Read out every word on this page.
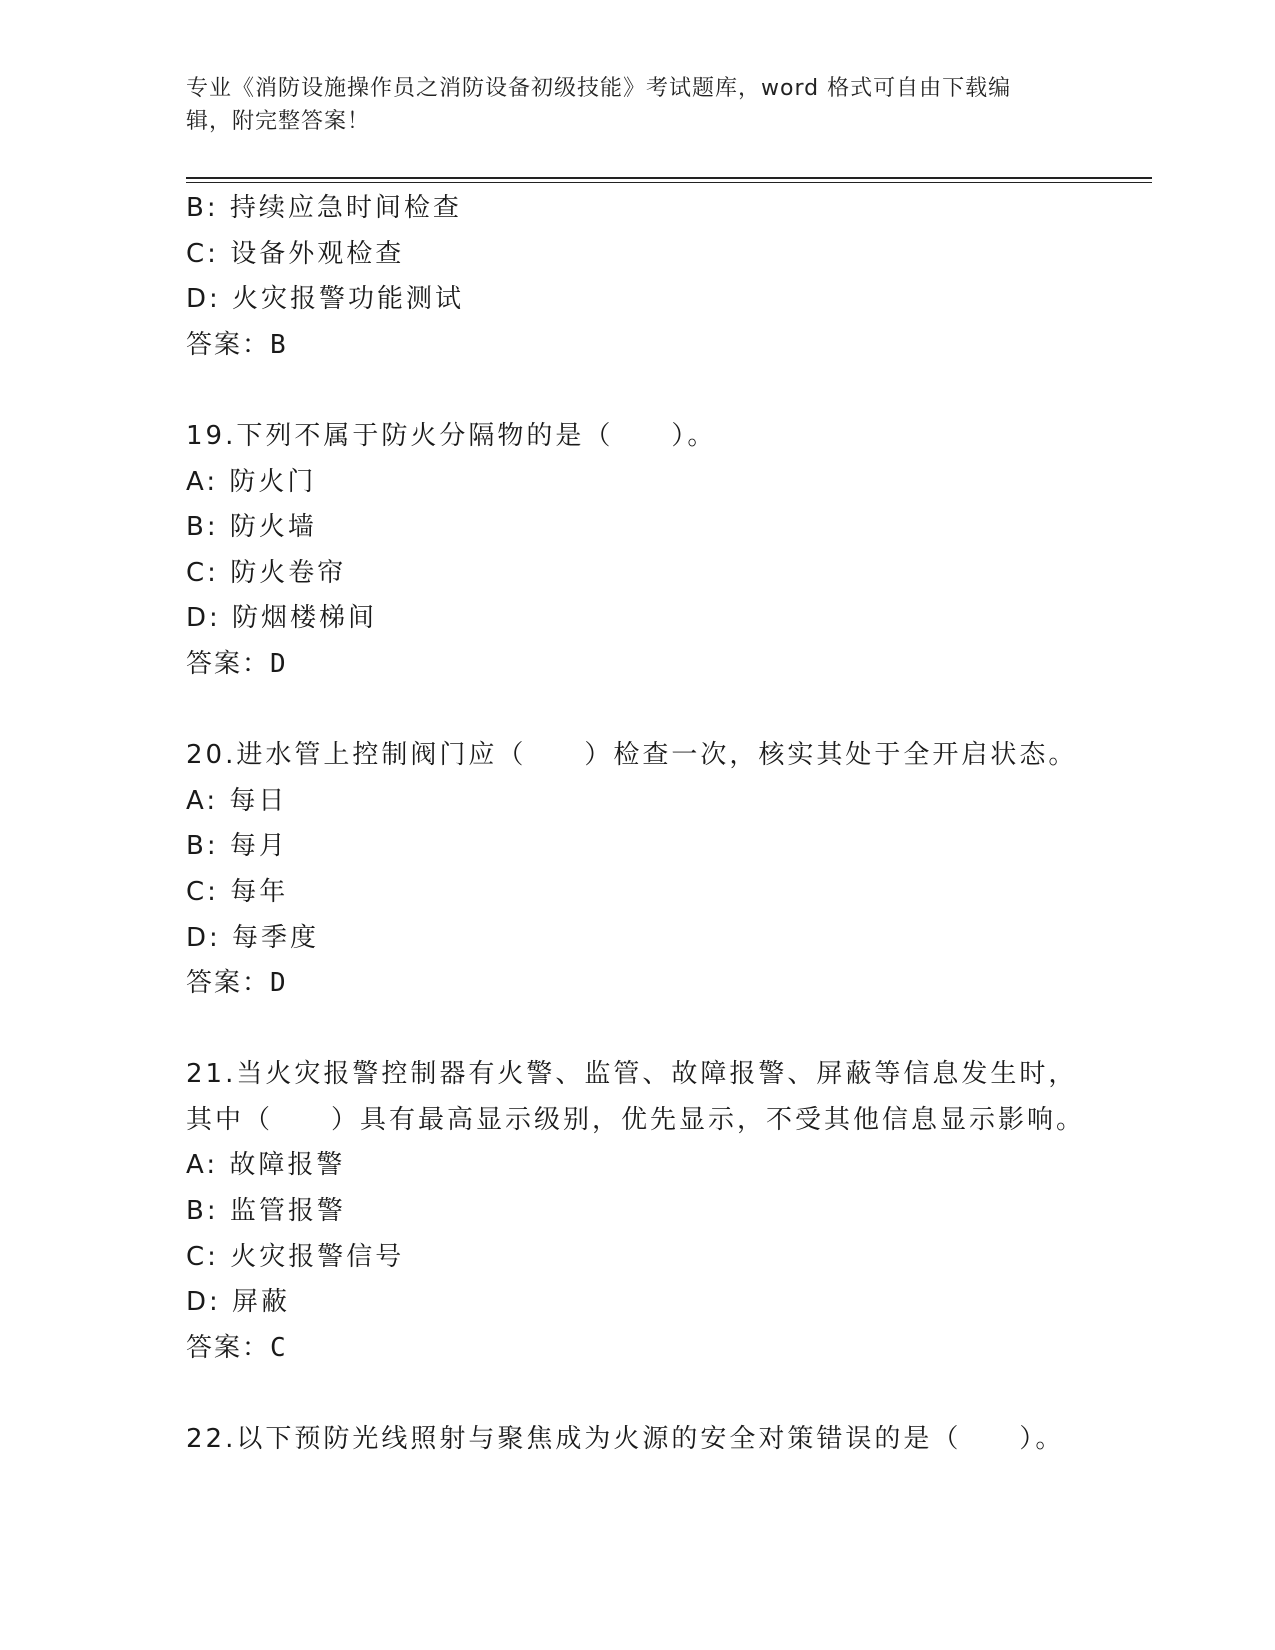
专业《消防设施操作员之消防设备初级技能》考试题库，word 格式可自由下载编
辑，附完整答案！
B: 持续应急时间检查
C: 设备外观检查
D: 火灾报警功能测试
答案：B
19.下列不属于防火分隔物的是（　　）。
A: 防火门
B: 防火墙
C: 防火卷帘
D: 防烟楼梯间
答案：D
20.进水管上控制阀门应（　　）检查一次，核实其处于全开启状态。
A: 每日
B: 每月
C: 每年
D: 每季度
答案：D
21.当火灾报警控制器有火警、监管、故障报警、屏蔽等信息发生时，
其中（　　）具有最高显示级别，优先显示，不受其他信息显示影响。
A: 故障报警
B: 监管报警
C: 火灾报警信号
D: 屏蔽
答案：C
22.以下预防光线照射与聚焦成为火源的安全对策错误的是（　　）。
